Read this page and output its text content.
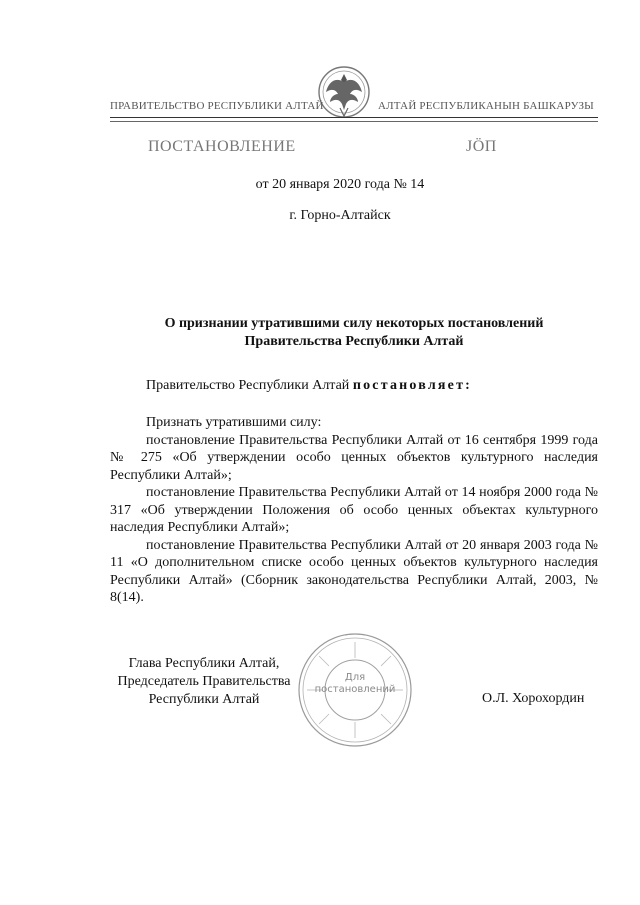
ПРАВИТЕЛЬСТВО РЕСПУБЛИКИ АЛТАЙ	АЛТАЙ РЕСПУБЛИКАНЫН БАШКАРУЗЫ
ПОСТАНОВЛЕНИЕ	JÖП
от 20 января 2020 года № 14
г. Горно-Алтайск
О признании утратившими силу некоторых постановлений
Правительства Республики Алтай
Правительство Республики Алтай постановляет:

Признать утратившими силу:

постановление Правительства Республики Алтай от 16 сентября 1999 года № 275 «Об утверждении особо ценных объектов культурного наследия Республики Алтай»;

постановление Правительства Республики Алтай от 14 ноября 2000 года № 317 «Об утверждении Положения об особо ценных объектах культурного наследия Республики Алтай»;

постановление Правительства Республики Алтай от 20 января 2003 года № 11 «О дополнительном списке особо ценных объектов культурного наследия Республики Алтай» (Сборник законодательства Республики Алтай, 2003, № 8(14).

Для
постановлений
Глава Республики Алтай,
Председатель Правительства
Республики Алтай	О.Л. Хорохордин
